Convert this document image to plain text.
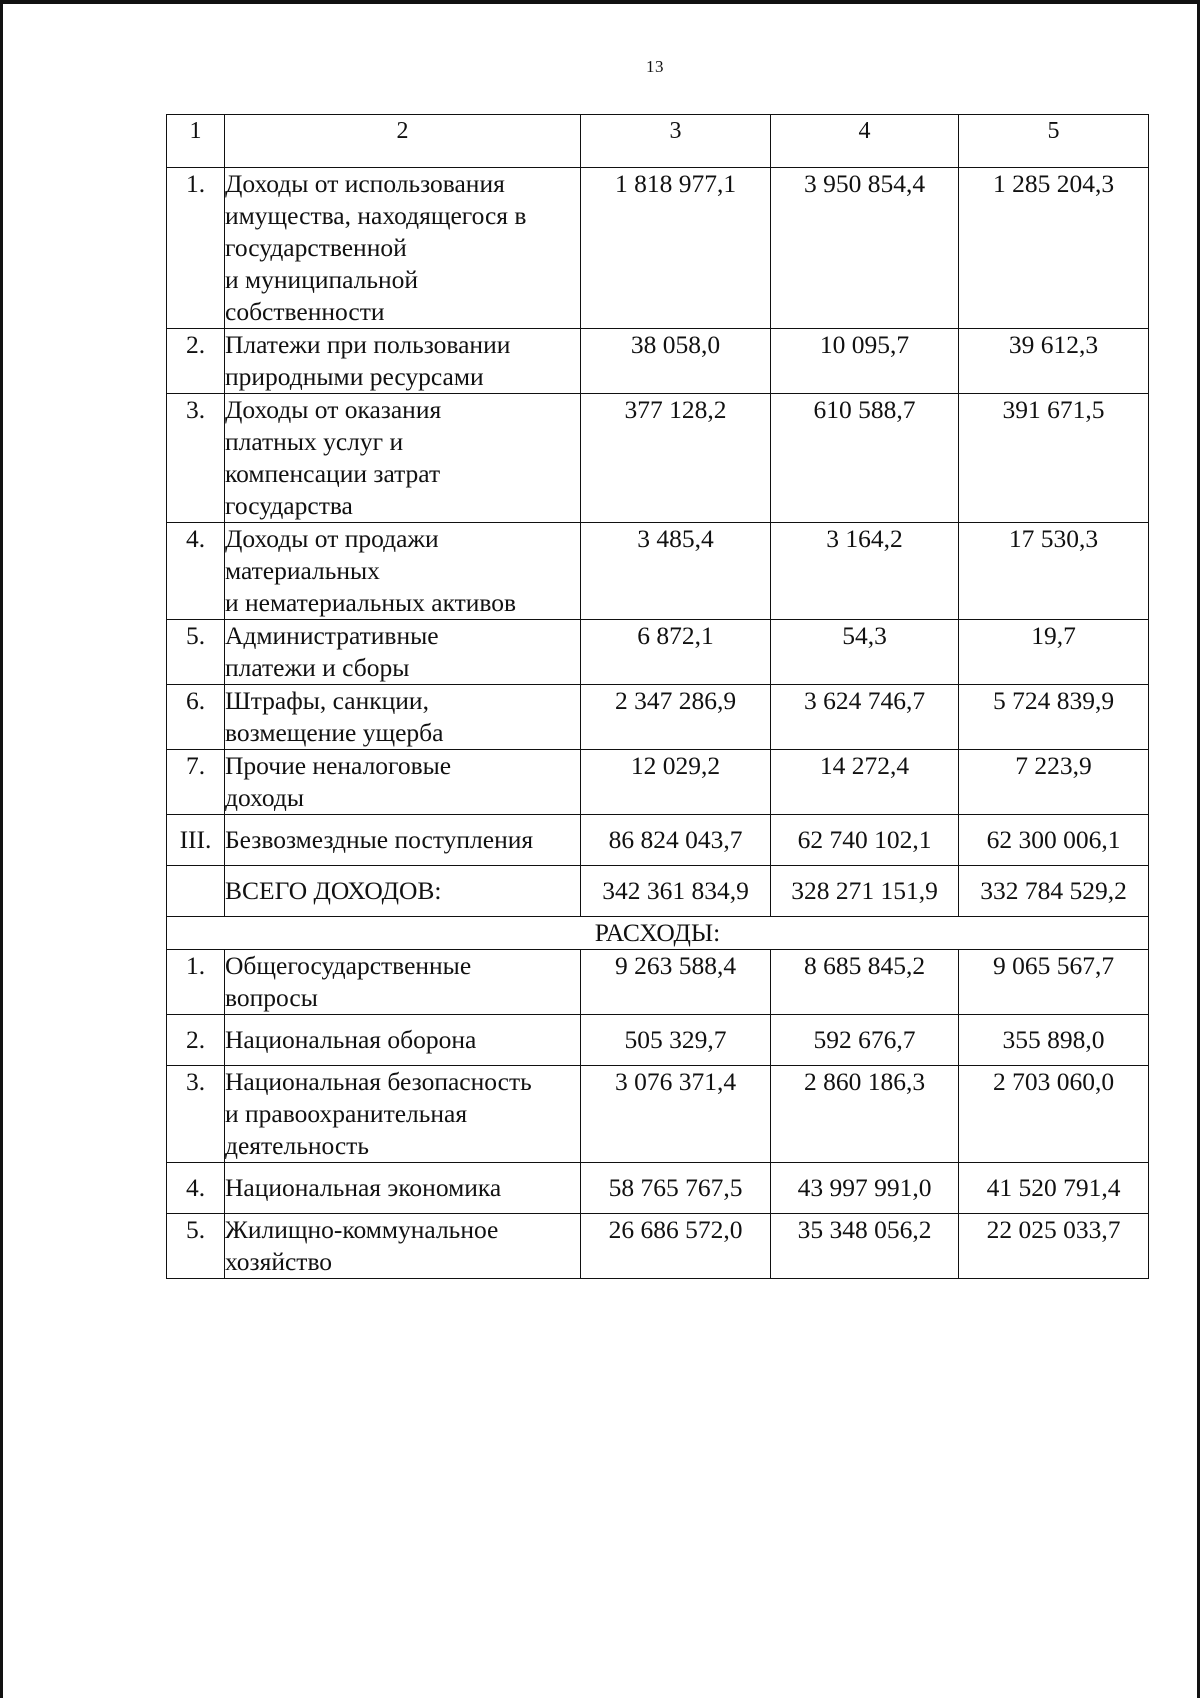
13
1	2	3	4	5
1.	Доходы от использования
имущества, находящегося в
государственной
и муниципальной
собственности	1 818 977,1	3 950 854,4	1 285 204,3
2.	Платежи при пользовании
природными ресурсами	38 058,0	10 095,7	39 612,3
3.	Доходы от оказания
платных услуг и
компенсации затрат
государства	377 128,2	610 588,7	391 671,5
4.	Доходы от продажи
материальных
и нематериальных активов	3 485,4	3 164,2	17 530,3
5.	Административные
платежи и сборы	6 872,1	54,3	19,7
6.	Штрафы, санкции,
возмещение ущерба	2 347 286,9	3 624 746,7	5 724 839,9
7.	Прочие неналоговые
доходы	12 029,2	14 272,4	7 223,9
III.	Безвозмездные поступления	86 824 043,7	62 740 102,1	62 300 006,1

	ВСЕГО ДОХОДОВ:	342 361 834,9	328 271 151,9	332 784 529,2
РАСХОДЫ:				
1.	Общегосударственные
вопросы	9 263 588,4	8 685 845,2	9 065 567,7
2.	Национальная оборона	505 329,7	592 676,7	355 898,0
3.	Национальная безопасность
и правоохранительная
деятельность	3 076 371,4	2 860 186,3	2 703 060,0
4.	Национальная экономика	58 765 767,5	43 997 991,0	41 520 791,4
5.	Жилищно-коммунальное
хозяйство	26 686 572,0	35 348 056,2	22 025 033,7
